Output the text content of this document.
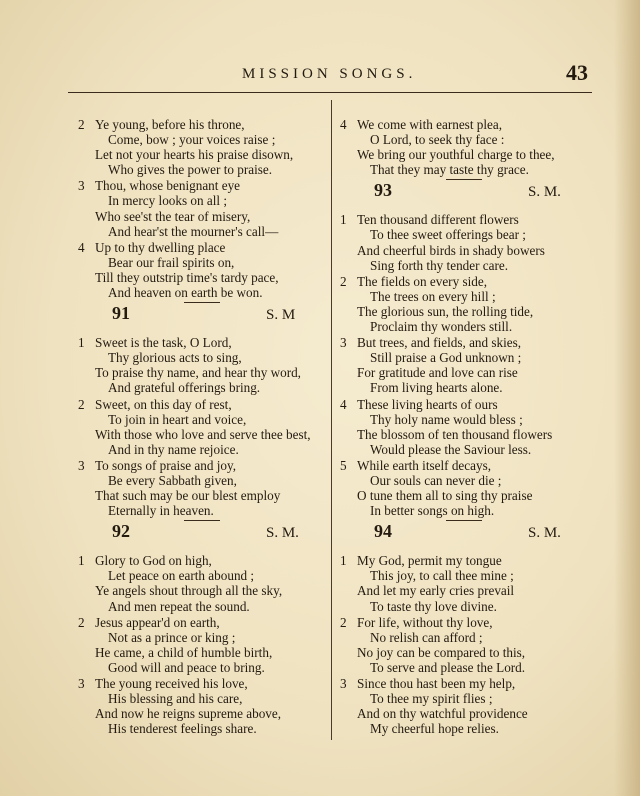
MISSION SONGS.	43
2 Ye young, before his throne,
Come, bow ; your voices raise ;
Let not your hearts his praise disown,
Who gives the power to praise.
3 Thou, whose benignant eye
In mercy looks on all ;
Who see'st the tear of misery,
And hear'st the mourner's call—
4 Up to thy dwelling place
Bear our frail spirits on,
Till they outstrip time's tardy pace,
And heaven on earth be won.
91	S. M
1 Sweet is the task, O Lord,
Thy glorious acts to sing,
To praise thy name, and hear thy word,
And grateful offerings bring.
2 Sweet, on this day of rest,
To join in heart and voice,
With those who love and serve thee best,
And in thy name rejoice.
3 To songs of praise and joy,
Be every Sabbath given,
That such may be our blest employ
Eternally in heaven.
92	S. M.
1 Glory to God on high,
Let peace on earth abound ;
Ye angels shout through all the sky,
And men repeat the sound.
2 Jesus appear'd on earth,
Not as a prince or king ;
He came, a child of humble birth,
Good will and peace to bring.
3 The young received his love,
His blessing and his care,
And now he reigns supreme above,
His tenderest feelings share.
4 We come with earnest plea,
O Lord, to seek thy face :
We bring our youthful charge to thee,
That they may taste thy grace.
93	S. M.
1 Ten thousand different flowers
To thee sweet offerings bear ;
And cheerful birds in shady bowers
Sing forth thy tender care.
2 The fields on every side,
The trees on every hill ;
The glorious sun, the rolling tide,
Proclaim thy wonders still.
3 But trees, and fields, and skies,
Still praise a God unknown ;
For gratitude and love can rise
From living hearts alone.
4 These living hearts of ours
Thy holy name would bless ;
The blossom of ten thousand flowers
Would please the Saviour less.
5 While earth itself decays,
Our souls can never die ;
O tune them all to sing thy praise
In better songs on high.
94	S. M.
1 My God, permit my tongue
This joy, to call thee mine ;
And let my early cries prevail
To taste thy love divine.
2 For life, without thy love,
No relish can afford ;
No joy can be compared to this,
To serve and please the Lord.
3 Since thou hast been my help,
To thee my spirit flies ;
And on thy watchful providence
My cheerful hope relies.
